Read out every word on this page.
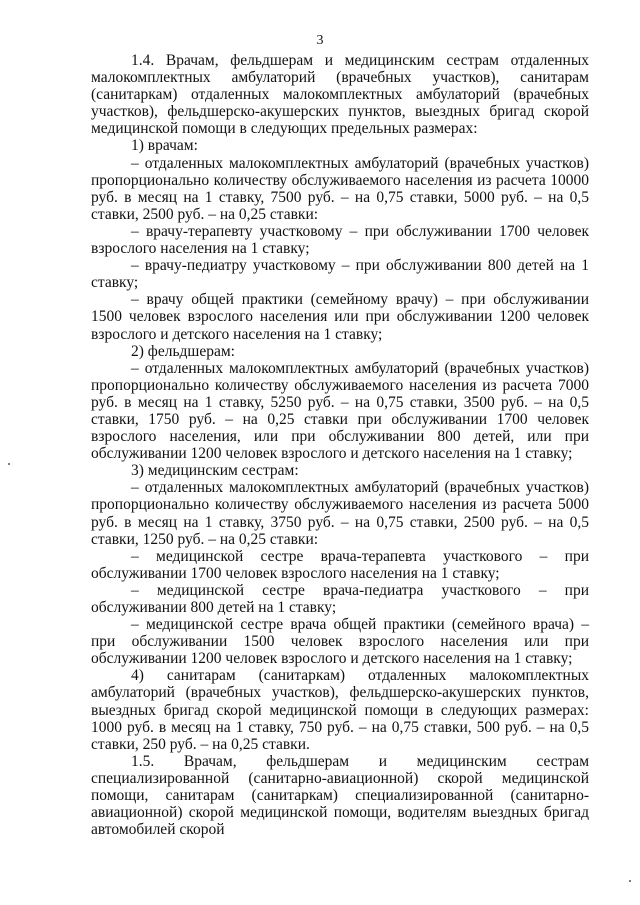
3

1.4. Врачам, фельдшерам и медицинским сестрам отдаленных малокомплектных амбулаторий (врачебных участков), санитарам (санитаркам) отдаленных малокомплектных амбулаторий (врачебных участков), фельдшерско-акушерских пунктов, выездных бригад скорой медицинской помощи в следующих предельных размерах:

1) врачам:

– отдаленных малокомплектных амбулаторий (врачебных участков) пропорционально количеству обслуживаемого населения из расчета 10000 руб. в месяц на 1 ставку, 7500 руб. – на 0,75 ставки, 5000 руб. – на 0,5 ставки, 2500 руб. – на 0,25 ставки:

– врачу-терапевту участковому – при обслуживании 1700 человек взрослого населения на 1 ставку;

– врачу-педиатру участковому – при обслуживании 800 детей на 1 ставку;

– врачу общей практики (семейному врачу) – при обслуживании 1500 человек взрослого населения или при обслуживании 1200 человек взрослого и детского населения на 1 ставку;

2) фельдшерам:

– отдаленных малокомплектных амбулаторий (врачебных участков) пропорционально количеству обслуживаемого населения из расчета 7000 руб. в месяц на 1 ставку, 5250 руб. – на 0,75 ставки, 3500 руб. – на 0,5 ставки, 1750 руб. – на 0,25 ставки при обслуживании 1700 человек взрослого населения, или при обслуживании 800 детей, или при обслуживании 1200 человек взрослого и детского населения на 1 ставку;

3) медицинским сестрам:

– отдаленных малокомплектных амбулаторий (врачебных участков) пропорционально количеству обслуживаемого населения из расчета 5000 руб. в месяц на 1 ставку, 3750 руб. – на 0,75 ставки, 2500 руб. – на 0,5 ставки, 1250 руб. – на 0,25 ставки:

– медицинской сестре врача-терапевта участкового – при обслуживании 1700 человек взрослого населения на 1 ставку;

– медицинской сестре врача-педиатра участкового – при обслуживании 800 детей на 1 ставку;

– медицинской сестре врача общей практики (семейного врача) – при обслуживании 1500 человек взрослого населения или при обслуживании 1200 человек взрослого и детского населения на 1 ставку;

4) санитарам (санитаркам) отдаленных малокомплектных амбулаторий (врачебных участков), фельдшерско-акушерских пунктов, выездных бригад скорой медицинской помощи в следующих размерах: 1000 руб. в месяц на 1 ставку, 750 руб. – на 0,75 ставки, 500 руб. – на 0,5 ставки, 250 руб. – на 0,25 ставки.

1.5. Врачам, фельдшерам и медицинским сестрам специализированной (санитарно-авиационной) скорой медицинской помощи, санитарам (санитаркам) специализированной (санитарно-авиационной) скорой медицинской помощи, водителям выездных бригад автомобилей скорой
